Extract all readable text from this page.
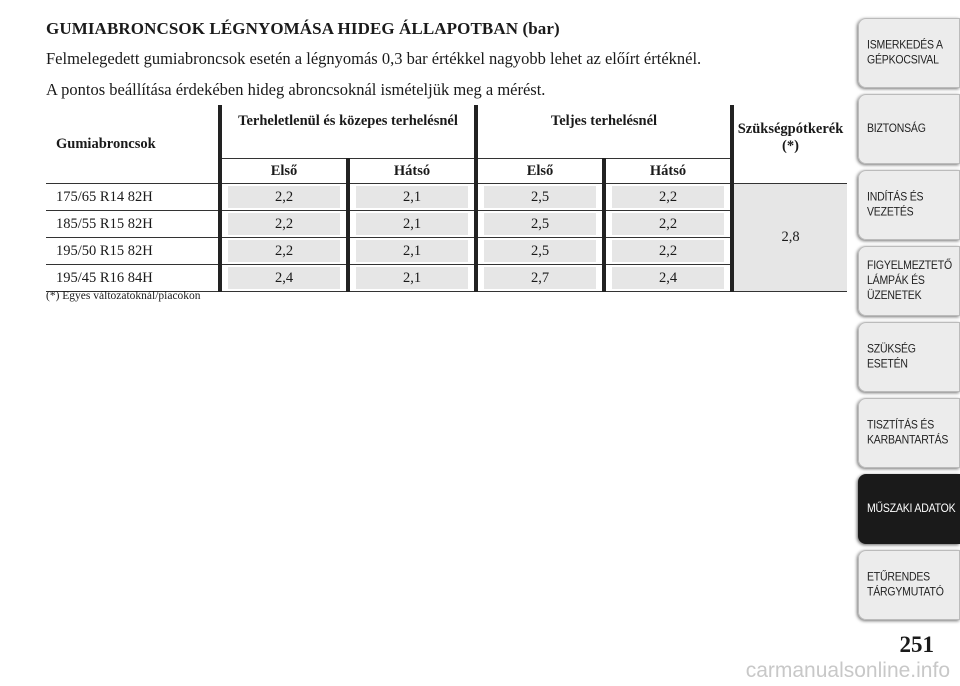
GUMIABRONCSOK LÉGNYOMÁSA HIDEG ÁLLAPOTBAN (bar)
Felmelegedett gumiabroncsok esetén a légnyomás 0,3 bar értékkel nagyobb lehet az előírt értéknél.
A pontos beállítása érdekében hideg abroncsoknál ismételjük meg a mérést.
Gumiabroncsok	Terheletlenül és közepes terhelésnél		Teljes terhelésnél		Szükségpótkerék (*)
	Első	Hátsó	Első	Hátsó	
175/65 R14 82H	2,2	2,1	2,5	2,2	2,8
185/55 R15 82H	2,2	2,1	2,5	2,2	

195/50 R15 82H	2,2	2,1	2,5	2,2	

195/45 R16 84H	2,4	2,1	2,7	2,4	
(*) Egyes változatoknál/piacokon
ISMERKEDÉS A
GÉPKOCSIVAL
BIZTONSÁG
INDÍTÁS ÉS
VEZETÉS
FIGYELMEZTETŐ
LÁMPÁK ÉS
ÜZENETEK
SZÜKSÉG ESETÉN
TISZTÍTÁS ÉS
KARBANTARTÁS
MŰSZAKI ADATOK
ETŰRENDES
TÁRGYMUTATÓ
251
carmanualsonline.info
